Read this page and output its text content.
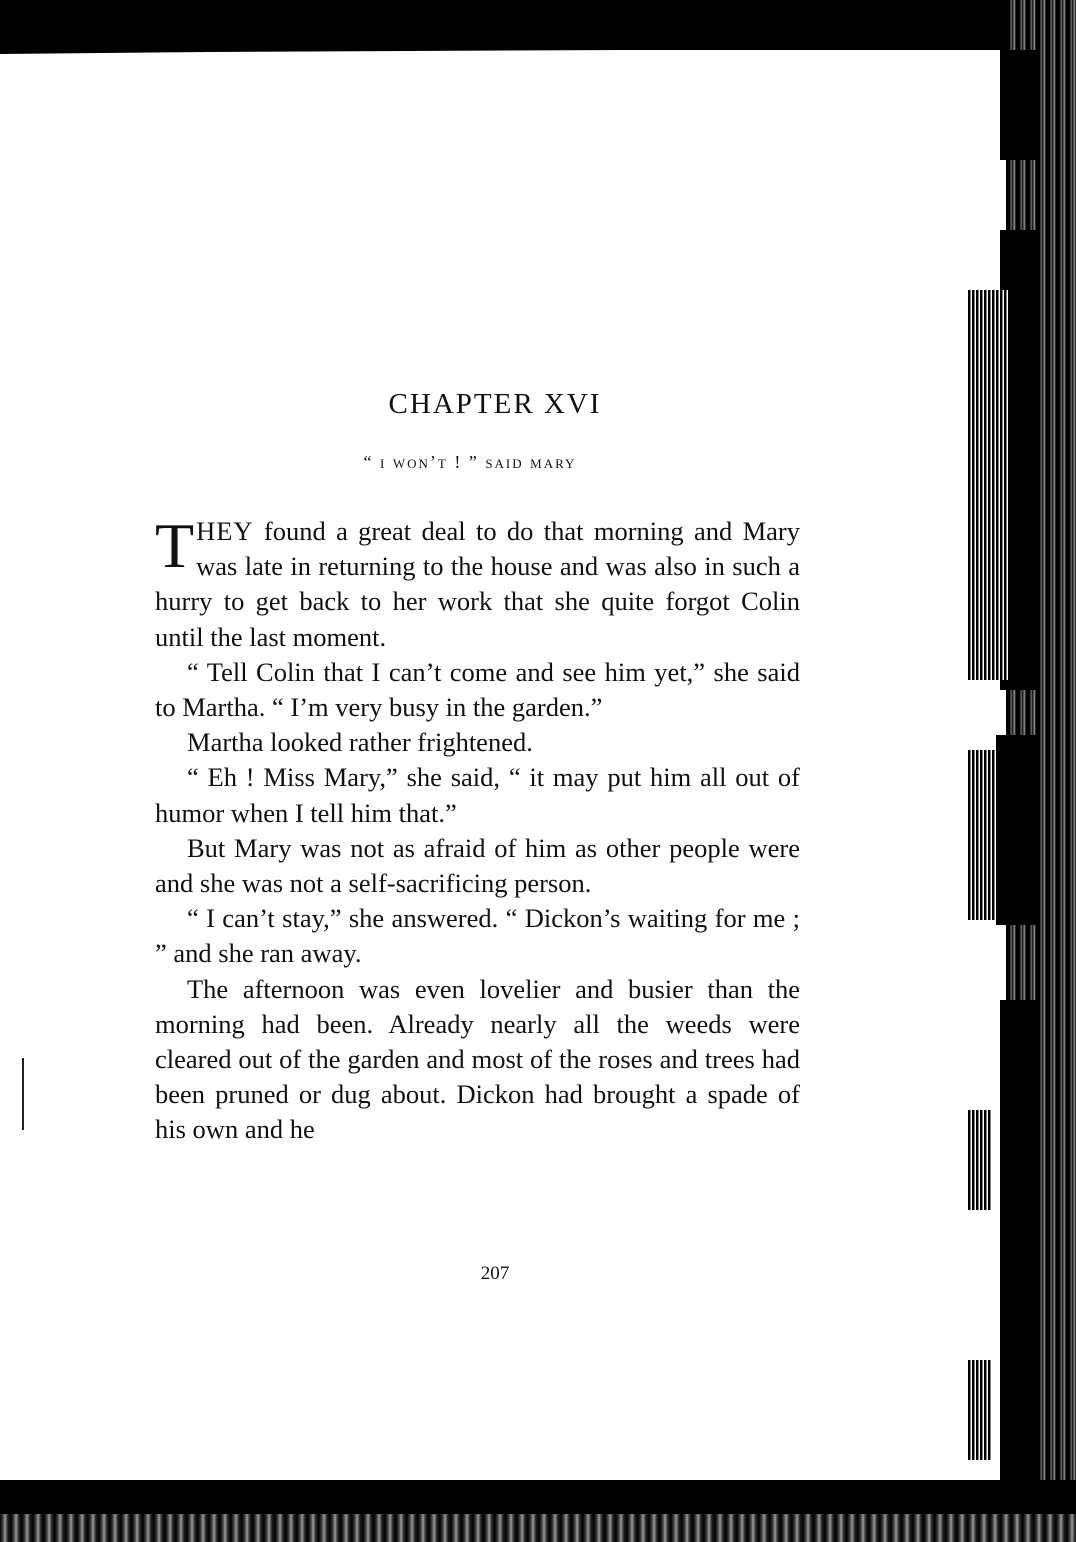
CHAPTER XVI
“ i won’t ! ” said mary

THEY found a great deal to do that morning and Mary was late in returning to the house and was also in such a hurry to get back to her work that she quite forgot Colin until the last moment.

“ Tell Colin that I can’t come and see him yet,” she said to Martha. “ I’m very busy in the garden.”

Martha looked rather frightened.

“ Eh ! Miss Mary,” she said, “ it may put him all out of humor when I tell him that.”

But Mary was not as afraid of him as other people were and she was not a self-sacrificing person.

“ I can’t stay,” she answered. “ Dickon’s waiting for me ; ” and she ran away.

The afternoon was even lovelier and busier than the morning had been. Already nearly all the weeds were cleared out of the garden and most of the roses and trees had been pruned or dug about. Dickon had brought a spade of his own and he

207
